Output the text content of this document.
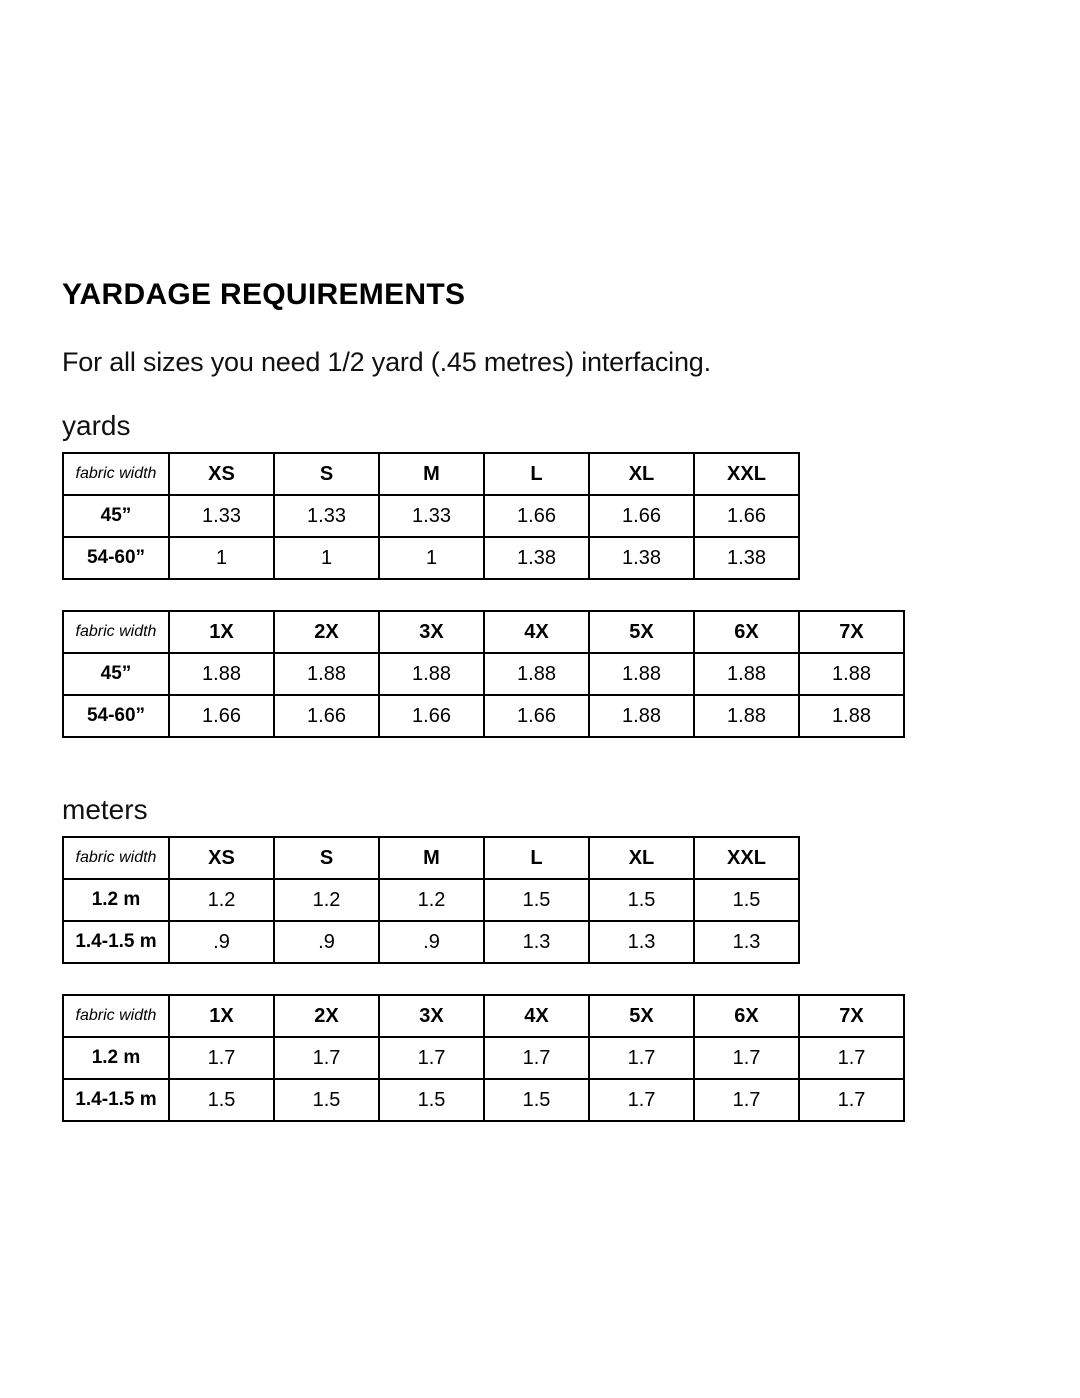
YARDAGE REQUIREMENTS

For all sizes you need 1/2 yard (.45 metres) interfacing.

yards
fabric width	XS	S	M	L	XL	XXL
45”	1.33	1.33	1.33	1.66	1.66	1.66
54-60”	1	1	1	1.38	1.38	1.38
fabric width	1X	2X	3X	4X	5X	6X	7X
45”	1.88	1.88	1.88	1.88	1.88	1.88	1.88
54-60”	1.66	1.66	1.66	1.66	1.88	1.88	1.88
meters
fabric width	XS	S	M	L	XL	XXL
1.2 m	1.2	1.2	1.2	1.5	1.5	1.5
1.4-1.5 m	.9	.9	.9	1.3	1.3	1.3
fabric width	1X	2X	3X	4X	5X	6X	7X
1.2 m	1.7	1.7	1.7	1.7	1.7	1.7	1.7
1.4-1.5 m	1.5	1.5	1.5	1.5	1.7	1.7	1.7
